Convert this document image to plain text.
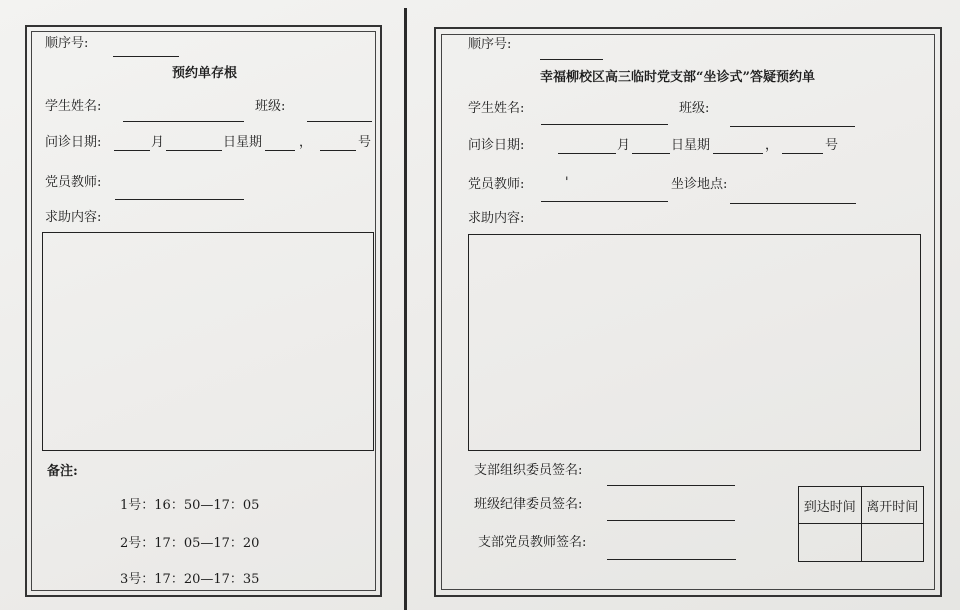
顺序号:
预约单存根
学生姓名:	班级:
问诊日期:	月	日星期	，	号
党员教师:
求助内容:
备注:
1号：16：50—17：05
2号：17：05—17：20
3号：17：20—17：35
顺序号:
幸福柳校区高三临时党支部“坐诊式”答疑预约单
学生姓名:	班级:
问诊日期:	月	日星期	，	号
党员教师:	'	坐诊地点:
求助内容:
支部组织委员签名:
班级纪律委员签名:
支部党员教师签名:
到达时间	离开时间
